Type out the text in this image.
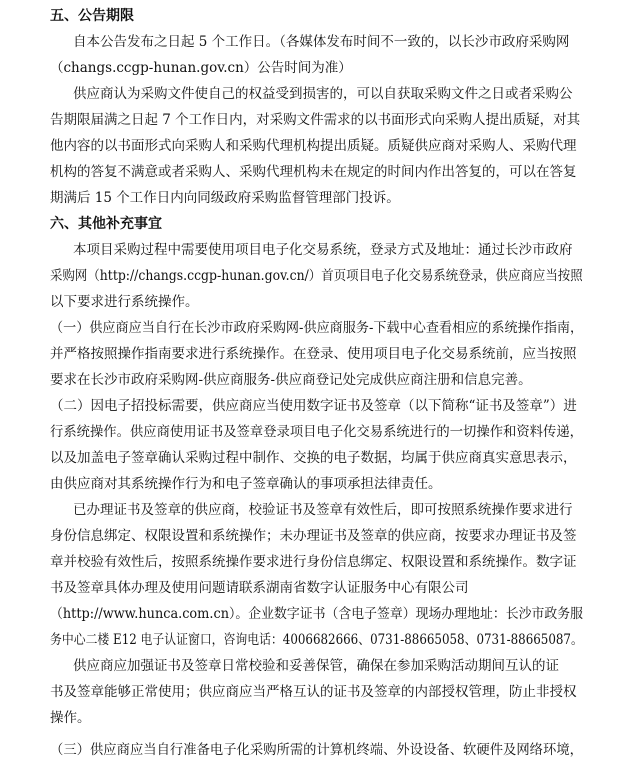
五、公告期限
自本公告发布之日起 5 个工作日。（各媒体发布时间不一致的，以长沙市政府采购网
（changs.ccgp-hunan.gov.cn）公告时间为准）
供应商认为采购文件使自己的权益受到损害的，可以自获取采购文件之日或者采购公
告期限届满之日起 7 个工作日内，对采购文件需求的以书面形式向采购人提出质疑，对其
他内容的以书面形式向采购人和采购代理机构提出质疑。质疑供应商对采购人、采购代理
机构的答复不满意或者采购人、采购代理机构未在规定的时间内作出答复的，可以在答复
期满后 15 个工作日内向同级政府采购监督管理部门投诉。
六、其他补充事宜
本项目采购过程中需要使用项目电子化交易系统，登录方式及地址：通过长沙市政府
采购网（http://changs.ccgp-hunan.gov.cn/）首页项目电子化交易系统登录，供应商应当按照
以下要求进行系统操作。
（一）供应商应当自行在长沙市政府采购网-供应商服务-下载中心查看相应的系统操作指南，
并严格按照操作指南要求进行系统操作。在登录、使用项目电子化交易系统前，应当按照
要求在长沙市政府采购网-供应商服务-供应商登记处完成供应商注册和信息完善。
（二）因电子招投标需要，供应商应当使用数字证书及签章（以下简称“证书及签章”）进
行系统操作。供应商使用证书及签章登录项目电子化交易系统进行的一切操作和资料传递，
以及加盖电子签章确认采购过程中制作、交换的电子数据，均属于供应商真实意思表示，
由供应商对其系统操作行为和电子签章确认的事项承担法律责任。
已办理证书及签章的供应商，校验证书及签章有效性后，即可按照系统操作要求进行
身份信息绑定、权限设置和系统操作；未办理证书及签章的供应商，按要求办理证书及签
章并校验有效性后，按照系统操作要求进行身份信息绑定、权限设置和系统操作。数字证
书及签章具体办理及使用问题请联系湖南省数字认证服务中心有限公司
（http://www.hunca.com.cn）。企业数字证书（含电子签章）现场办理地址：长沙市政务服
务中心二楼 E12 电子认证窗口，咨询电话：4006682666、0731-88665058、0731-88665087。
供应商应加强证书及签章日常校验和妥善保管，确保在参加采购活动期间互认的证
书及签章能够正常使用；供应商应当严格互认的证书及签章的内部授权管理，防止非授权
操作。
（三）供应商应当自行准备电子化采购所需的计算机终端、外设设备、软硬件及网络环境，
